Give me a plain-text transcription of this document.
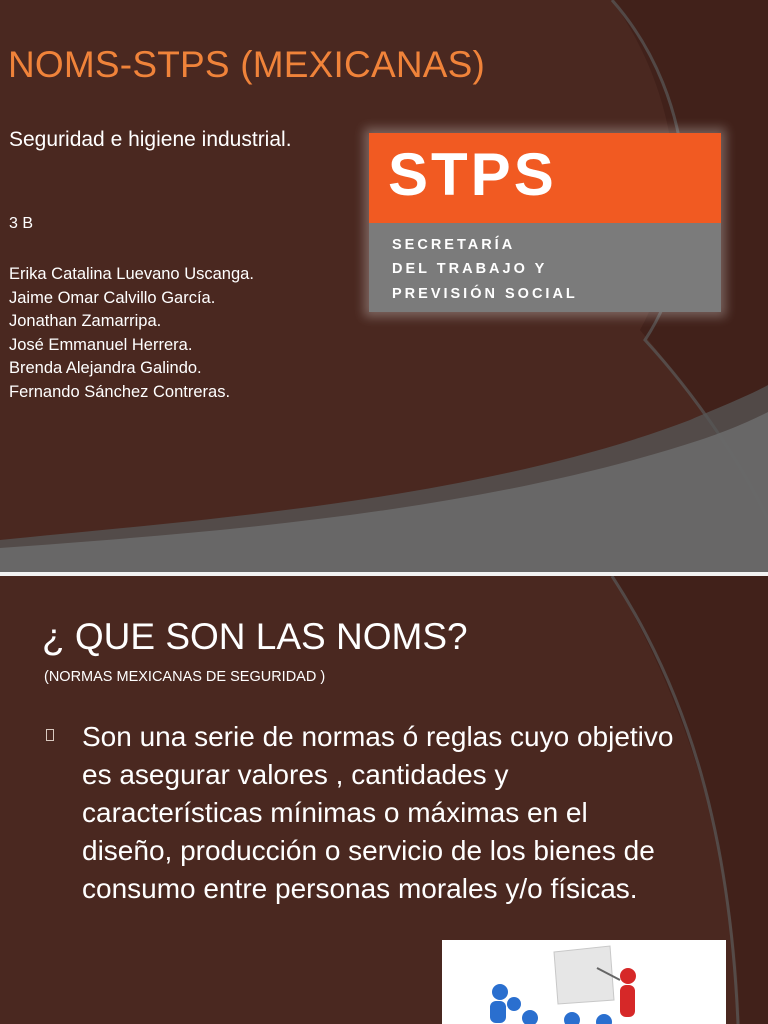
NOMS-STPS (MEXICANAS)

Seguridad e higiene industrial.

3 B

Erika Catalina Luevano Uscanga.
Jaime Omar Calvillo García.
Jonathan Zamarripa.
José Emmanuel Herrera.
Brenda Alejandra Galindo.
Fernando Sánchez Contreras.
STPS
SECRETARÍA
DEL TRABAJO Y
PREVISIÓN SOCIAL
¿ QUE SON LAS NOMS?

(NORMAS MEXICANAS DE SEGURIDAD )

Son una serie de normas ó reglas cuyo objetivo es asegurar valores , cantidades y características mínimas o máximas en el diseño, producción o servicio de los bienes de consumo entre personas morales y/o físicas.
